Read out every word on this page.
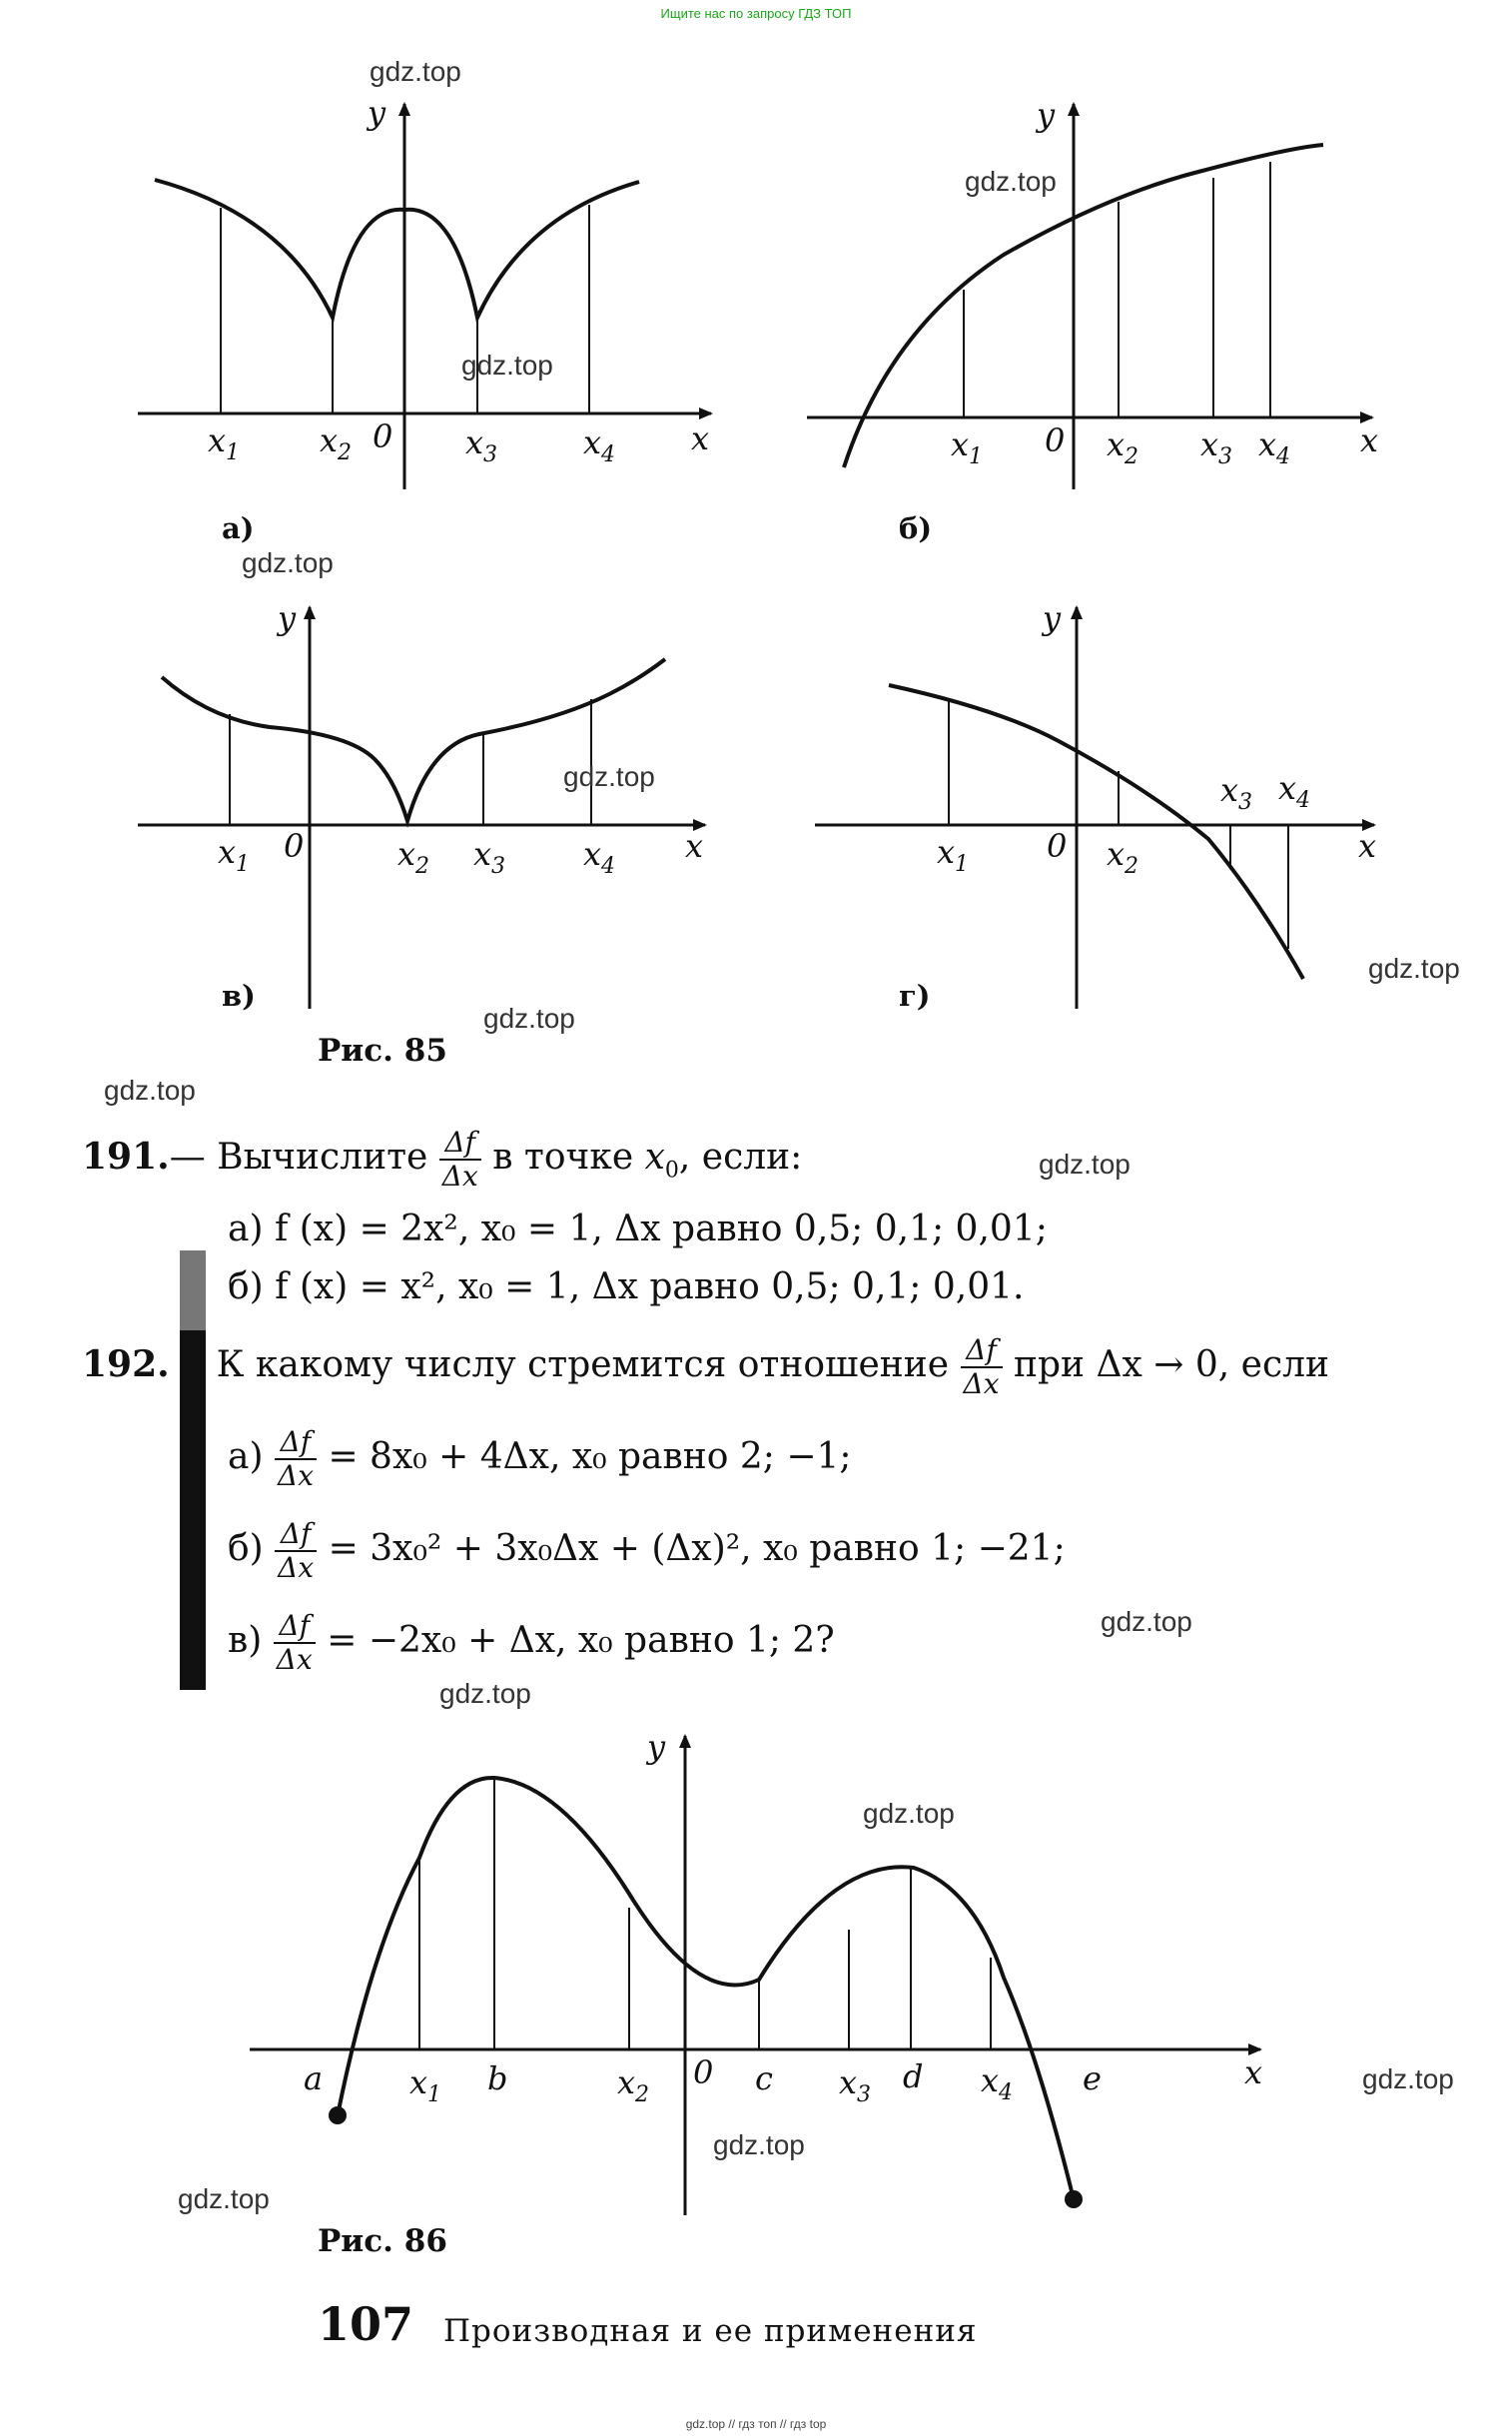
Ищите нас по запросу ГДЗ ТОП
y
x
$x_1$ $x_2$ 0 $x_3$	$x_4$
y
x
$x_1$ 0 $x_2$ $x_3$ $x_4$
y
x
$x_1$ 0	$x_2$ $x_3$ $x_4$
y
x
$x_1$ 0 $x_2$
$x_3$ $x_4$
а)	б)
в)	г)
Рис. 85
191.— Вычислите $\frac{\Delta f}{\Delta x}$ в точке $x_0$, если:
а) f (x) = 2x², x₀ = 1, Δx равно 0,5; 0,1; 0,01;
б) f (x) = x², x₀ = 1, Δx равно 0,5; 0,1; 0,01.
192. К какому числу стремится отношение $\frac{\Delta f}{\Delta x}$ при Δx → 0, если
$а) \frac{\Delta f}{\Delta x} = 8x_0 + 4\Delta x$, x₀ равно 2; −1;
$б) \frac{\Delta f}{\Delta x} = 3x_0^2 + 3x_0\Delta x + (\Delta x)^2$, x₀ равно 1; −21;
$в) \frac{\Delta f}{\Delta x} = -2x_0 + \Delta x$, x₀ равно 1; 2?
y
x
a	$x_1$ b	$x_2$
0 c $x_3$ d $x_4$ e
Рис. 86
107 Производная и ее применения
gdz.top
gdz.top
gdz.top
gdz.top
gdz.top
gdz.top
gdz.top
gdz.top
gdz.top
gdz.top
gdz.top
gdz.top
gdz.top
gdz.top
gdz.top
gdz.top // гдз топ // гдз top
